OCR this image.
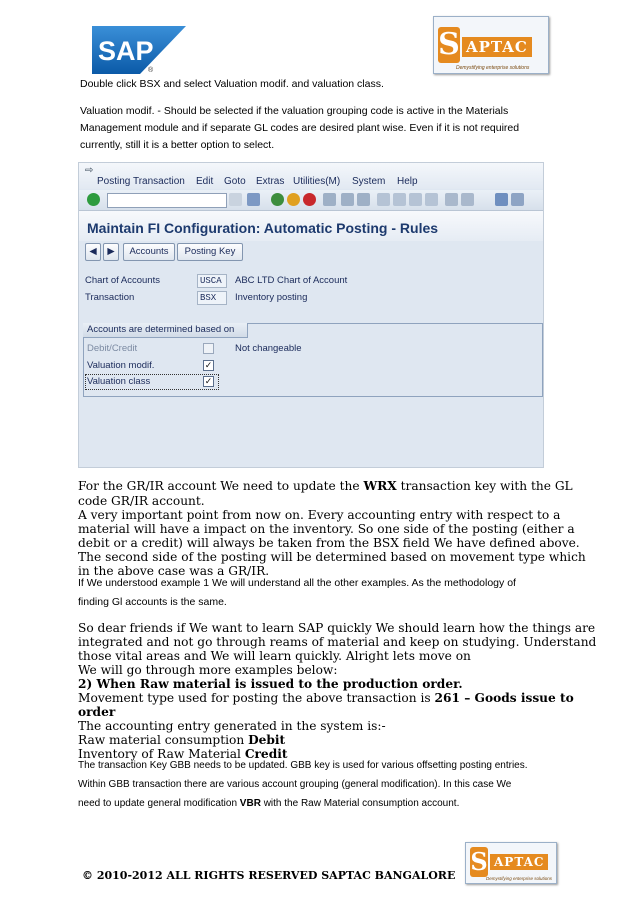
SAP
®
S APTAC
Demystifying enterprise solutions
Double click BSX and select Valuation modif. and valuation class.
Valuation modif. - Should be selected if the valuation grouping code is active in the Materials
Management module and if separate GL codes are desired plant wise. Even if it is not required
currently, still it is a better option to select.
⇨
Posting Transaction Edit Goto Extras Utilities(M) System Help
Maintain FI Configuration: Automatic Posting - Rules
◀	▶	Accounts	Posting Key
Chart of Accounts	USCA	ABC LTD Chart of Account
Transaction	BSX	Inventory posting
Accounts are determined based on
Debit/Credit	Not changeable
Valuation modif.	✓
Valuation class	✓
For the GR/IR account We need to update the WRX transaction key with the GL
code GR/IR account.
A very important point from now on. Every accounting entry with respect to a
material will have a impact on the inventory. So one side of the posting (either a
debit or a credit) will always be taken from the BSX field We have defined above.
The second side of the posting will be determined based on movement type which
in the above case was a GR/IR.
If We understood example 1 We will understand all the other examples. As the methodology of
finding Gl accounts is the same.
So dear friends if We want to learn SAP quickly We should learn how the things are
integrated and not go through reams of material and keep on studying. Understand
those vital areas and We will learn quickly. Alright lets move on
We will go through more examples below:
2) When Raw material is issued to the production order.
Movement type used for posting the above transaction is 261 – Goods issue to
order
The accounting entry generated in the system is:-
Raw material consumption Debit
Inventory of Raw Material Credit
The transaction Key GBB needs to be updated. GBB key is used for various offsetting posting entries.
Within GBB transaction there are various account grouping (general modification). In this case We
need to update general modification VBR with the Raw Material consumption account.
S APTAC
Demystifying enterprise solutions
© 2010-2012 ALL RIGHTS RESERVED SAPTAC BANGALORE
